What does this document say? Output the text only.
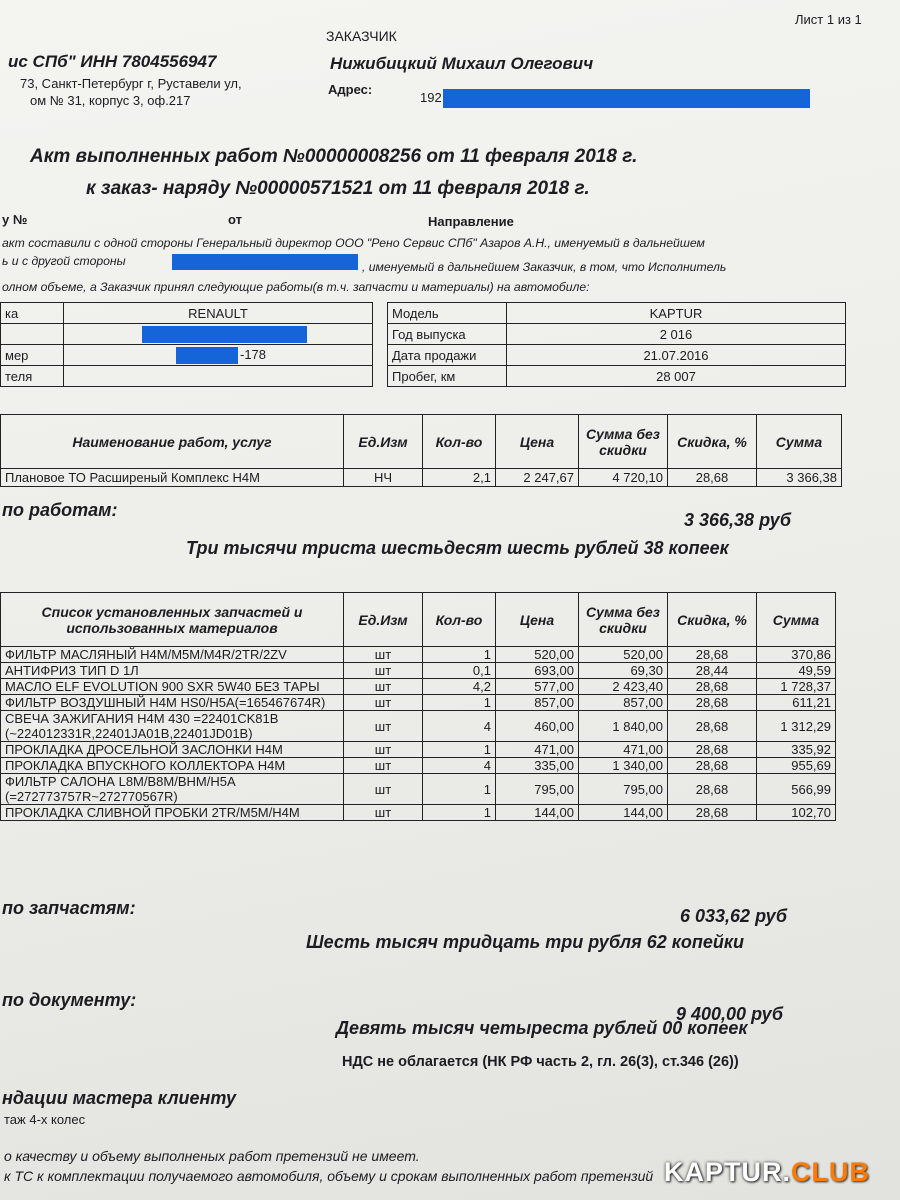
Лист 1 из 1
ис СПб" ИНН 7804556947
73, Санкт-Петербург г, Руставели ул,
ом № 31, корпус 3, оф.217
ЗАКАЗЧИК
Нижибицкий Михаил Олегович
Адрес:
192
Акт выполненных работ №00000008256 от 11 февраля 2018 г.
к заказ- наряду №00000571521 от 11 февраля 2018 г.
у №	от	Направление
акт составили с одной стороны Генеральный директор ООО "Рено Сервис СПб" Азаров А.Н., именуемый в дальнейшем
ь и с другой стороны	, именуемый в дальнейшем Заказчик, в том, что Исполнитель
олном объеме, а Заказчик принял следующие работы(в т.ч. запчасти и материалы) на автомобиле:
ка	RENAULT		Модель	KAPTUR

		Год выпуска	2 016
мер	-178		Дата продажи	21.07.2016
теля			Пробег, км	28 007
Наименование работ, услуг	Ед.Изм	Кол-во	Цена	Сумма без скидки	Скидка, %	Сумма
Плановое ТО Расширеный Комплекс H4M	НЧ	2,1	2 247,67	4 720,10	28,68	3 366,38
по работам:	3 366,38 руб
Три тысячи триста шестьдесят шесть рублей 38 копеек
Список установленных запчастей и использованных материалов	Ед.Изм	Кол-во	Цена	Сумма без скидки	Скидка, %	Сумма
ФИЛЬТР МАСЛЯНЫЙ H4M/M5M/M4R/2TR/2ZV	шт	1	520,00	520,00	28,68	370,86
АНТИФРИЗ ТИП D 1Л	шт	0,1	693,00	69,30	28,44	49,59
МАСЛО ELF EVOLUTION 900 SXR 5W40 БЕЗ ТАРЫ	шт	4,2	577,00	2 423,40	28,68	1 728,37
ФИЛЬТР ВОЗДУШНЫЙ H4M HS0/H5A(=165467674R)	шт	1	857,00	857,00	28,68	611,21
СВЕЧА ЗАЖИГАНИЯ H4M 430 =22401CK81B (~224012331R,22401JA01B,22401JD01B)	шт	4	460,00	1 840,00	28,68	1 312,29
ПРОКЛАДКА ДРОСЕЛЬНОЙ ЗАСЛОНКИ H4M	шт	1	471,00	471,00	28,68	335,92
ПРОКЛАДКА ВПУСКНОГО КОЛЛЕКТОРА H4M	шт	4	335,00	1 340,00	28,68	955,69
ФИЛЬТР САЛОНА L8M/B8M/BHM/H5A (=272773757R~272770567R)	шт	1	795,00	795,00	28,68	566,99
ПРОКЛАДКА СЛИВНОЙ ПРОБКИ 2TR/M5M/H4M	шт	1	144,00	144,00	28,68	102,70
по запчастям:	6 033,62 руб
Шесть тысяч тридцать три рубля 62 копейки
по документу:
9 400,00 руб
Девять тысяч четыреста рублей 00 копеек
НДС не облагается (НК РФ часть 2, гл. 26(3), ст.346 (26))
ндации мастера клиенту
таж 4-х колес
о качеству и объему выполненых работ претензий не имеет.
к ТС к комплектации получаемого автомобиля, объему и срокам выполненных работ претензий KAPTUR.CLUB
